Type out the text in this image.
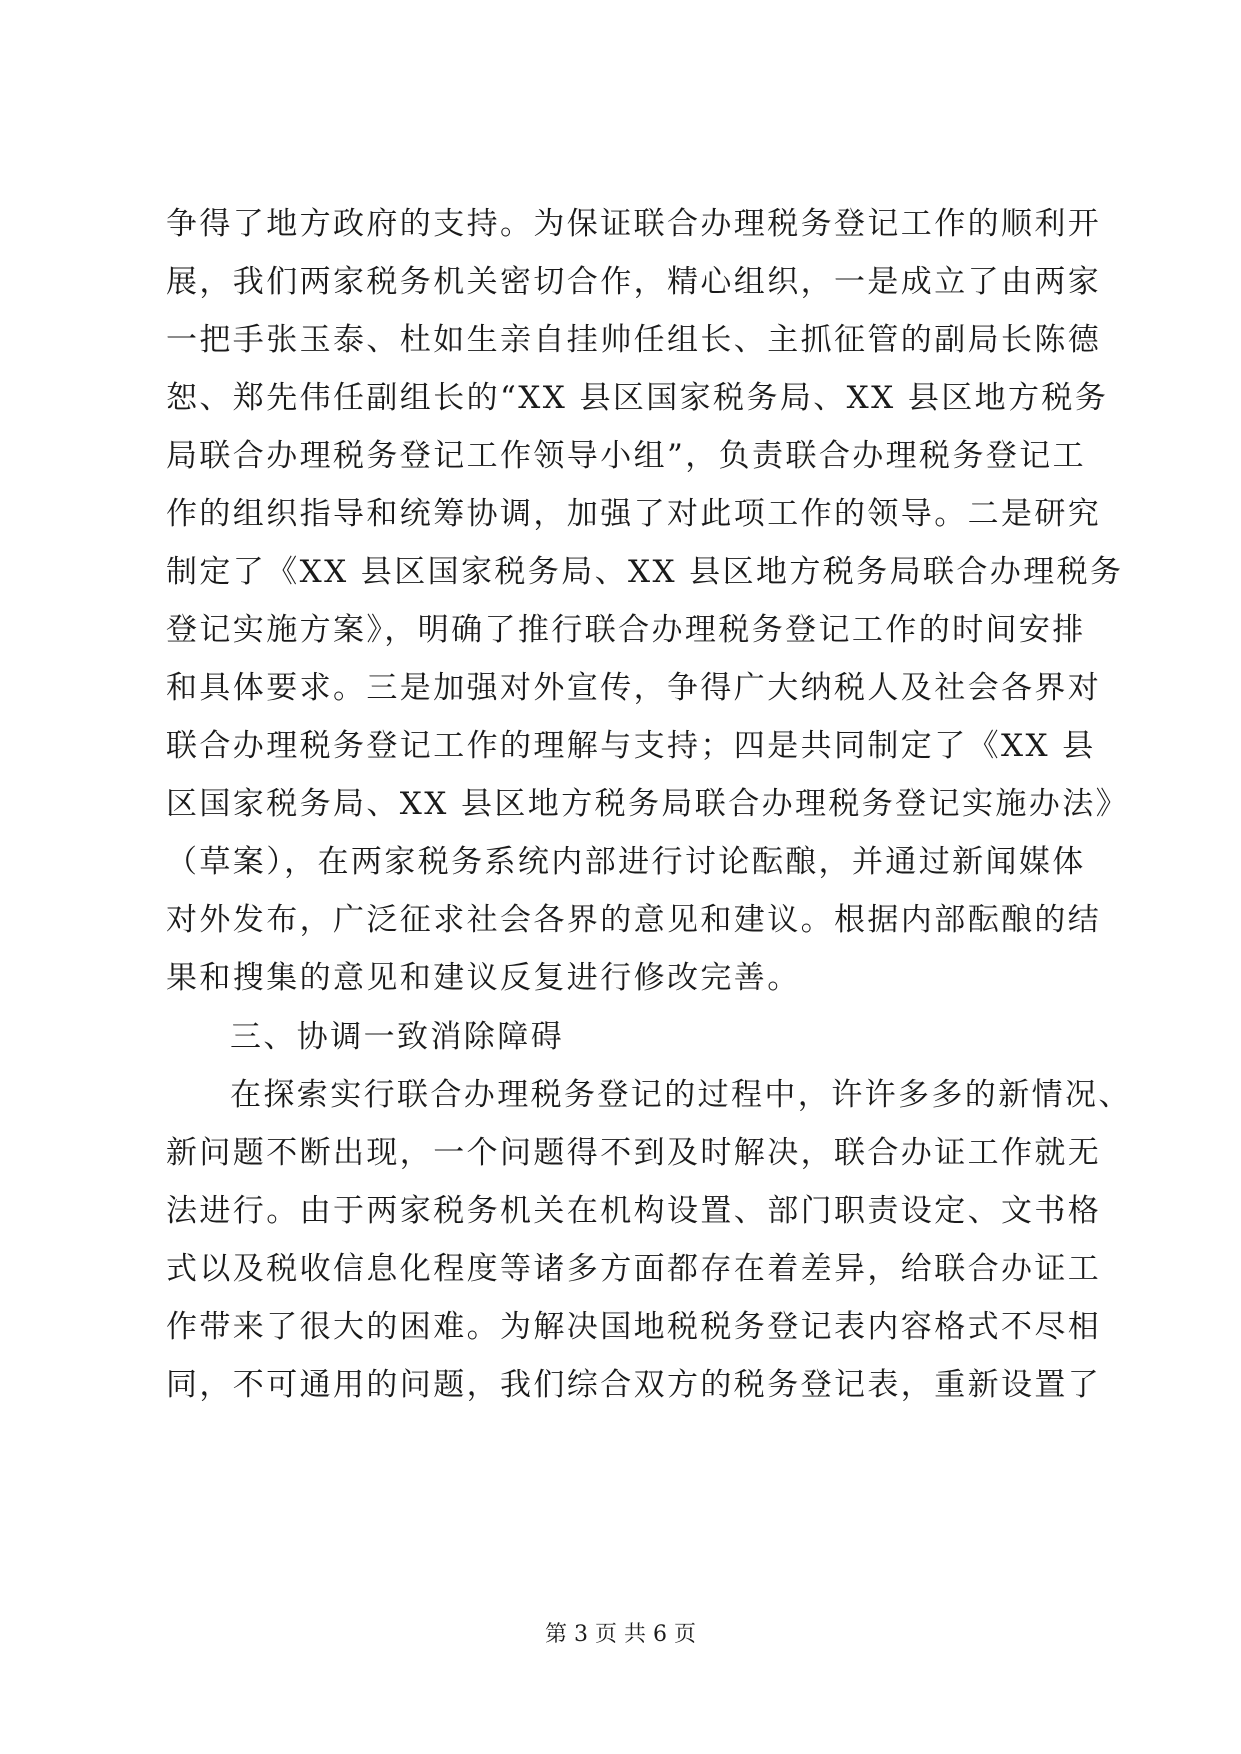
争得了地方政府的支持。为保证联合办理税务登记工作的顺利开
展，我们两家税务机关密切合作，精心组织，一是成立了由两家
一把手张玉泰、杜如生亲自挂帅任组长、主抓征管的副局长陈德
恕、郑先伟任副组长的“XX 县区国家税务局、XX 县区地方税务
局联合办理税务登记工作领导小组”，负责联合办理税务登记工
作的组织指导和统筹协调，加强了对此项工作的领导。二是研究
制定了《XX 县区国家税务局、XX 县区地方税务局联合办理税务
登记实施方案》，明确了推行联合办理税务登记工作的时间安排
和具体要求。三是加强对外宣传，争得广大纳税人及社会各界对
联合办理税务登记工作的理解与支持；四是共同制定了《XX 县
区国家税务局、XX 县区地方税务局联合办理税务登记实施办法》
（草案），在两家税务系统内部进行讨论酝酿，并通过新闻媒体
对外发布，广泛征求社会各界的意见和建议。根据内部酝酿的结
果和搜集的意见和建议反复进行修改完善。
三、协调一致消除障碍
在探索实行联合办理税务登记的过程中，许许多多的新情况、
新问题不断出现，一个问题得不到及时解决，联合办证工作就无
法进行。由于两家税务机关在机构设置、部门职责设定、文书格
式以及税收信息化程度等诸多方面都存在着差异，给联合办证工
作带来了很大的困难。为解决国地税税务登记表内容格式不尽相
同，不可通用的问题，我们综合双方的税务登记表，重新设置了
第 3 页 共 6 页
